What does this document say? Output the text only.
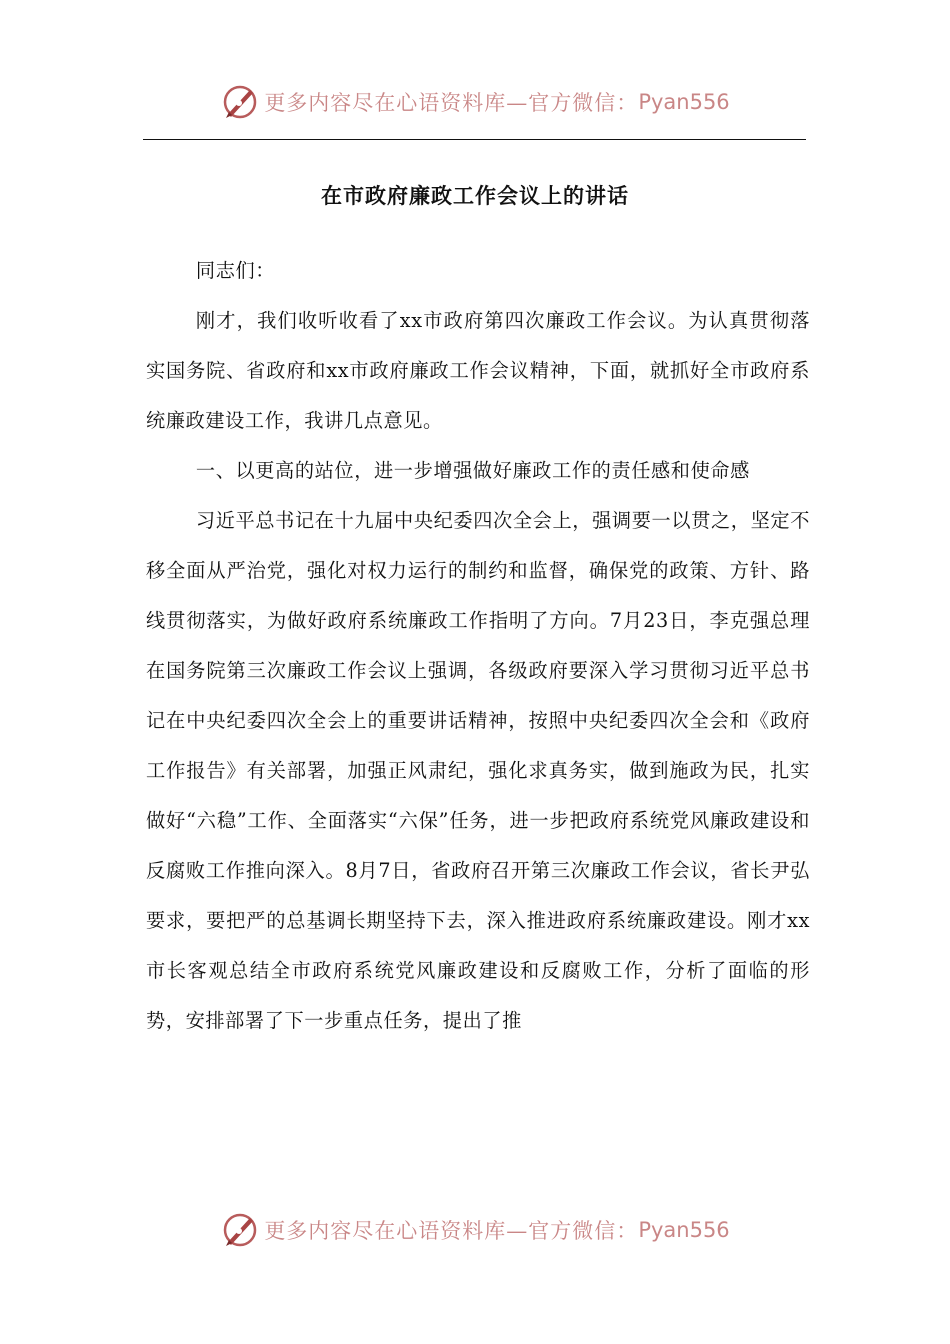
更多内容尽在心语资料库—官方微信： Pyan556
在市政府廉政工作会议上的讲话

同志们：

刚才，我们收听收看了xx市政府第四次廉政工作会议。为认真贯彻落实国务院、省政府和xx市政府廉政工作会议精神，下面，就抓好全市政府系统廉政建设工作，我讲几点意见。

一、以更高的站位，进一步增强做好廉政工作的责任感和使命感

习近平总书记在十九届中央纪委四次全会上，强调要一以贯之，坚定不移全面从严治党，强化对权力运行的制约和监督，确保党的政策、方针、路线贯彻落实，为做好政府系统廉政工作指明了方向。7月23日，李克强总理在国务院第三次廉政工作会议上强调，各级政府要深入学习贯彻习近平总书记在中央纪委四次全会上的重要讲话精神，按照中央纪委四次全会和《政府工作报告》有关部署，加强正风肃纪，强化求真务实，做到施政为民，扎实做好“六稳”工作、全面落实“六保”任务，进一步把政府系统党风廉政建设和反腐败工作推向深入。8月7日，省政府召开第三次廉政工作会议，省长尹弘要求，要把严的总基调长期坚持下去，深入推进政府系统廉政建设。刚才xx市长客观总结全市政府系统党风廉政建设和反腐败工作，分析了面临的形势，安排部署了下一步重点任务，提出了推

更多内容尽在心语资料库—官方微信： Pyan556
